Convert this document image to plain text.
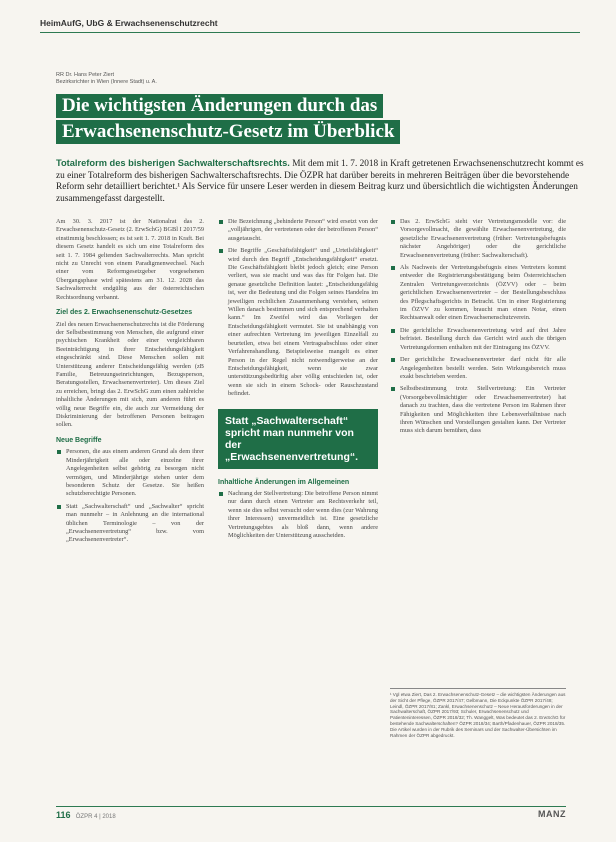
HeimAufG, UbG & Erwachsenenschutzrecht
RR Dr. Hans Peter Ziert
Bezirksrichter in Wien (Innere Stadt) u. A.
Die wichtigsten Änderungen durch das
Erwachsenenschutz-Gesetz im Überblick
Totalreform des bisherigen Sachwalterschaftsrechts. Mit dem mit 1. 7. 2018 in Kraft getretenen Erwachsenenschutzrecht kommt es zu einer Totalreform des bisherigen Sachwalterschaftsrechts. Die ÖZPR hat darüber bereits in mehreren Beiträgen über die bevorstehende Reform sehr detailliert berichtet.¹ Als Service für unsere Leser werden in diesem Beitrag kurz und übersichtlich die wichtigsten Änderungen zusammengefasst dargestellt.

Am 30. 3. 2017 ist der Nationalrat das 2. Erwachsenenschutz-Gesetz (2. ErwSchG) BGBl I 2017/59 einstimmig beschlossen; es ist seit 1. 7. 2018 in Kraft. Bei diesem Gesetz handelt es sich um eine Totalreform des seit 1. 7. 1984 geltenden Sachwalterrechts. Man spricht nicht zu Unrecht von einem Paradigmenwechsel. Nach einer vom Reformgesetzgeber vorgesehenen Übergangsphase wird spätestens am 31. 12. 2028 das Sachwalterrecht endgültig aus der österreichischen Rechtsordnung verbannt.

Ziel des 2. Erwachsenenschutz-Gesetzes

Ziel des neuen Erwachsenenschutzrechts ist die Förderung der Selbstbestimmung von Menschen, die aufgrund einer psychischen Krankheit oder einer vergleichbaren Beeinträchtigung in ihrer Entscheidungsfähigkeit eingeschränkt sind. Diese Menschen sollen mit Unterstützung anderer Entscheidungsfähig werden (zB Familie, Betreuungseinrichtungen, Bezugsperson, Beratungsstellen, Erwachsenenvertreter). Um dieses Ziel zu erreichen, bringt das 2. ErwSchG zum einen zahlreiche inhaltliche Änderungen mit sich, zum anderen führt es völlig neue Begriffe ein, die auch zur Vermeidung der Diskriminierung der betroffenen Personen beitragen sollen.

Neue Begriffe
Personen, die aus einem anderen Grund als dem ihrer Minderjährigkeit alle oder einzelne ihrer Angelegenheiten selbst gehörig zu besorgen nicht vermögen, und Minderjährige stehen unter dem besonderen Schutz der Gesetze. Sie heißen schutzberechtigte Personen.
Statt „Sachwalterschaft“ und „Sachwalter“ spricht man nunmehr – in Anlehnung an die international üblichen Terminologie – von der „Erwachsenenvertretung“ bzw. vom „Erwachsenenvertreter“.
Die Bezeichnung „behinderte Person“ wird ersetzt von der „volljährigen, der vertretenen oder der betroffenen Person“ ausgetauscht.
Die Begriffe „Geschäftsfähigkeit“ und „Urteilsfähigkeit“ wird durch den Begriff „Entscheidungsfähigkeit“ ersetzt. Die Geschäftsfähigkeit bleibt jedoch gleich; eine Person verliert, was sie macht und was das für Folgen hat. Die genaue gesetzliche Definition lautet: „Entscheidungsfähig ist, wer die Bedeutung und die Folgen seines Handelns im jeweiligen rechtlichen Zusammenhang verstehen, seinen Willen danach bestimmen und sich entsprechend verhalten kann.“ Im Zweifel wird das Vorliegen der Entscheidungsfähigkeit vermutet. Sie ist unabhängig von einer aufrechten Vertretung im jeweiligen Einzelfall zu beurteilen, etwa bei einem Vertragsabschluss oder einer Verfahrenshandlung. Beispielsweise mangelt es einer Person in der Regel nicht notwendigerweise an der Entscheidungsfähigkeit, wenn sie zwar unterstützungsbedürftig aber völlig entschieden ist, oder wenn sie sich in einem Schock- oder Rauschzustand befindet.
Statt „Sachwalterschaft“ spricht man nunmehr von der „Erwachsenenvertretung“.
Inhaltliche Änderungen im Allgemeinen
Nachrang der Stellvertretung: Die betroffene Person nimmt nur dann durch einen Vertreter am Rechtsverkehr teil, wenn sie dies selbst versucht oder wenn dies (zur Wahrung ihrer Interessen) unvermeidlich ist. Eine gesetzliche Vertretungsgebtes als bloß dann, wenn andere Möglichkeiten der Unterstützung ausscheiden.
Das 2. ErwSchG sieht vier Vertretungsmodelle vor: die Vorsorgevollmacht, die gewählte Erwachsenenvertretung, die gesetzliche Erwachsenenvertretung (früher: Vertretungsbefugnis nächster Angehöriger) oder die gerichtliche Erwachsenenvertretung (früher: Sachwalterschaft).
Als Nachweis der Vertretungsbefugnis eines Vertreters kommt entweder die Registrierungsbestätigung beim Österreichischen Zentralen Vertretungsverzeichnis (ÖZVV) oder – beim gerichtlichen Erwachsenenvertreter – der Bestellungsbeschluss des Pflegschaftsgerichts in Betracht. Um in einer Registrierung im ÖZVV zu kommen, braucht man einen Notar, einen Rechtsanwalt oder einen Erwachsenenschutzverein.
Die gerichtliche Erwachsenenvertretung wird auf drei Jahre befristet. Bestellung durch das Gericht wird auch die übrigen Vertretungsformen enthalten mit der Eintragung ins ÖZVV.
Der gerichtliche Erwachsenenvertreter darf nicht für alle Angelegenheiten bestellt werden. Sein Wirkungsbereich muss exakt beschrieben werden.
Selbstbestimmung trotz Stellvertretung: Ein Vertreter (Vorsorgebevollmächtigter oder Erwachsenenvertreter) hat danach zu trachten, dass die vertretene Person im Rahmen ihrer Fähigkeiten und Möglichkeiten ihre Lebensverhältnisse nach ihren Wünschen und Vorstellungen gestalten kann. Der Vertreter muss sich darum bemühen, dass
¹ Vgl etwa Ziert, Das 2. Erwachsenenschutz-Gesetz – die wichtigsten Änderungen aus der Sicht der Pflege, ÖZPR 2017/47; Gelbmann, Die Eckpunkte ÖZPR 2017/48; Leindl, ÖZPR 2017/81; Zankl, Erwachsenenschutz – Neue Herausforderungen in der Sachwalterschaft, ÖZPR 2017/93; Schuler, Erwachsenenschutz und Patienteninteressen, ÖZPR 2018/32; Th. Wanggelt, Was bedeutet das 2. ErwSchG für bestehende Sachwalterschaften? ÖZPR 2018/34; Barth/Pfadenhauer, ÖZPR 2018/35. Die Artikel wurden in der Rubrik des Seminars und der Sachwalter-Übersichten im Rahmen der ÖZPR abgedruckt.
116 ÖZPR 4 | 2018	MANZ
